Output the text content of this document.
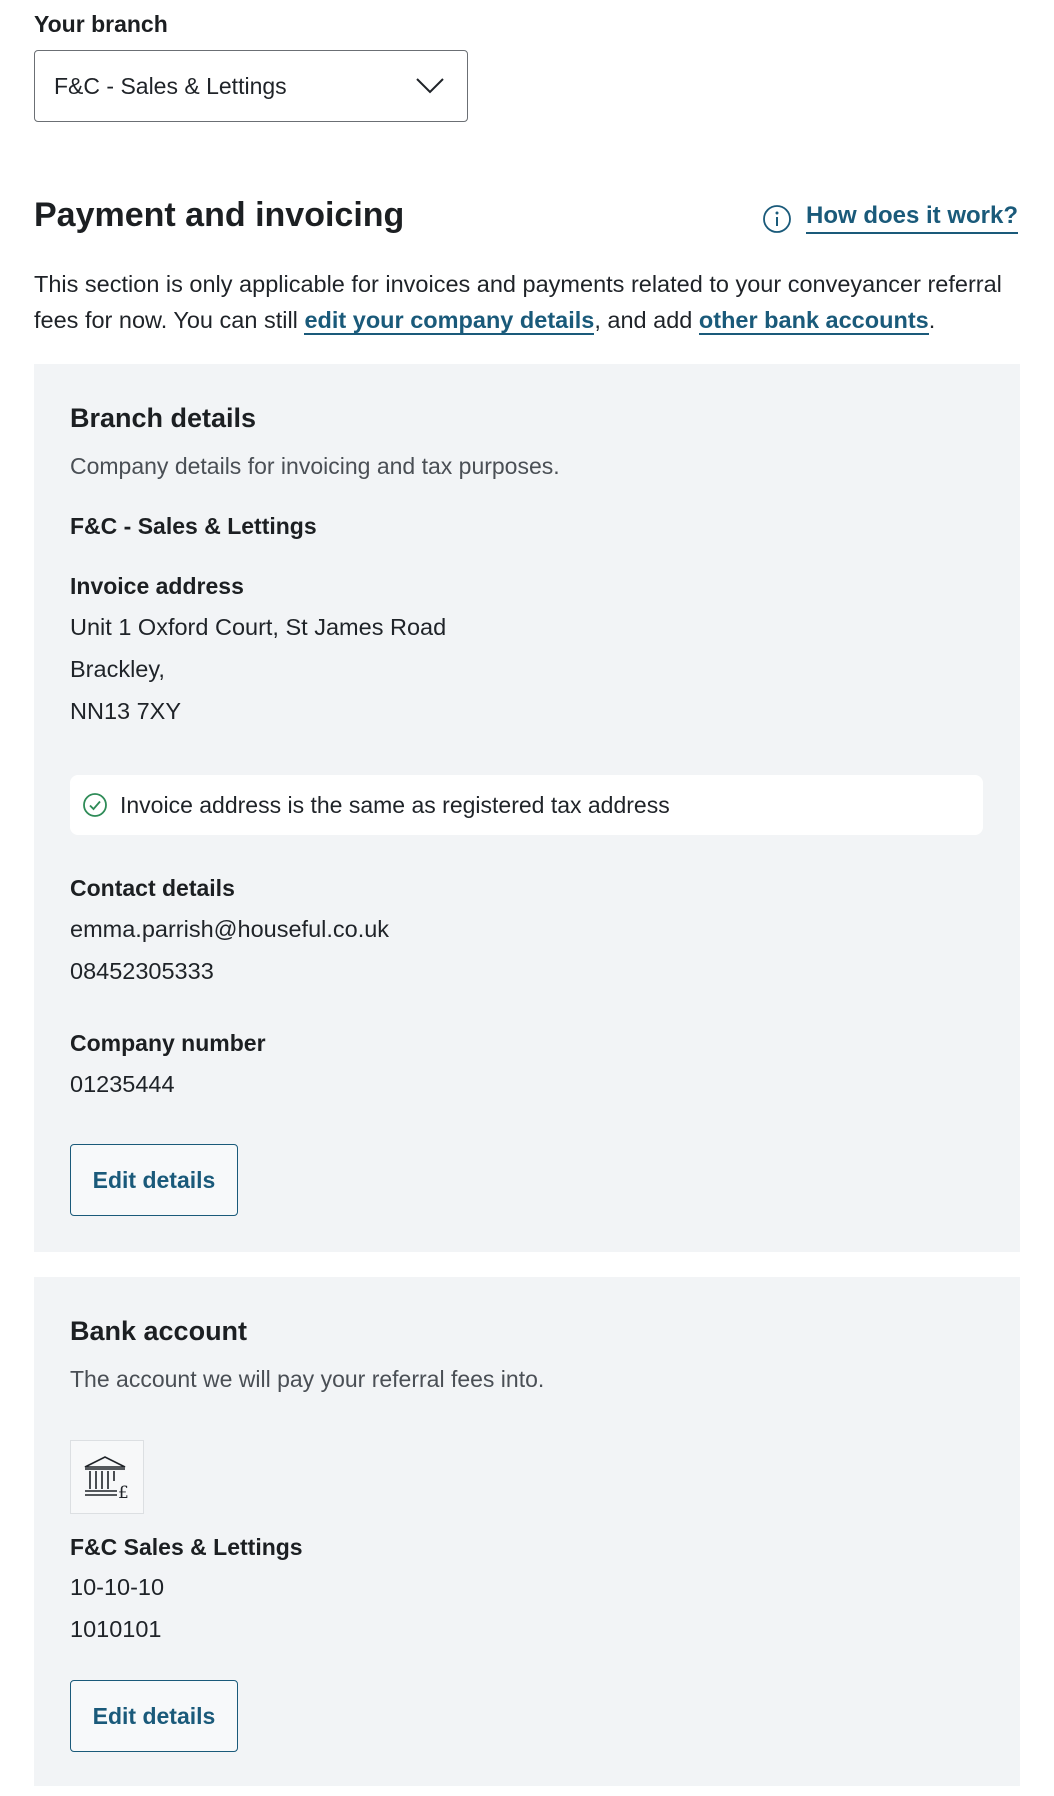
Your branch
F&C - Sales & Lettings
Payment and invoicing	How does it work?

This section is only applicable for invoices and payments related to your conveyancer referral fees for now. You can still edit your company details, and add other bank accounts.

Branch details
Company details for invoicing and tax purposes.
F&C - Sales & Lettings
Invoice address
Unit 1 Oxford Court, St James Road
Brackley,
NN13 7XY
Invoice address is the same as registered tax address
Contact details
emma.parrish@houseful.co.uk
08452305333
Company number
01235444
Edit details
Bank account
The account we will pay your referral fees into.
£
F&C Sales & Lettings
10-10-10
1010101
Edit details
